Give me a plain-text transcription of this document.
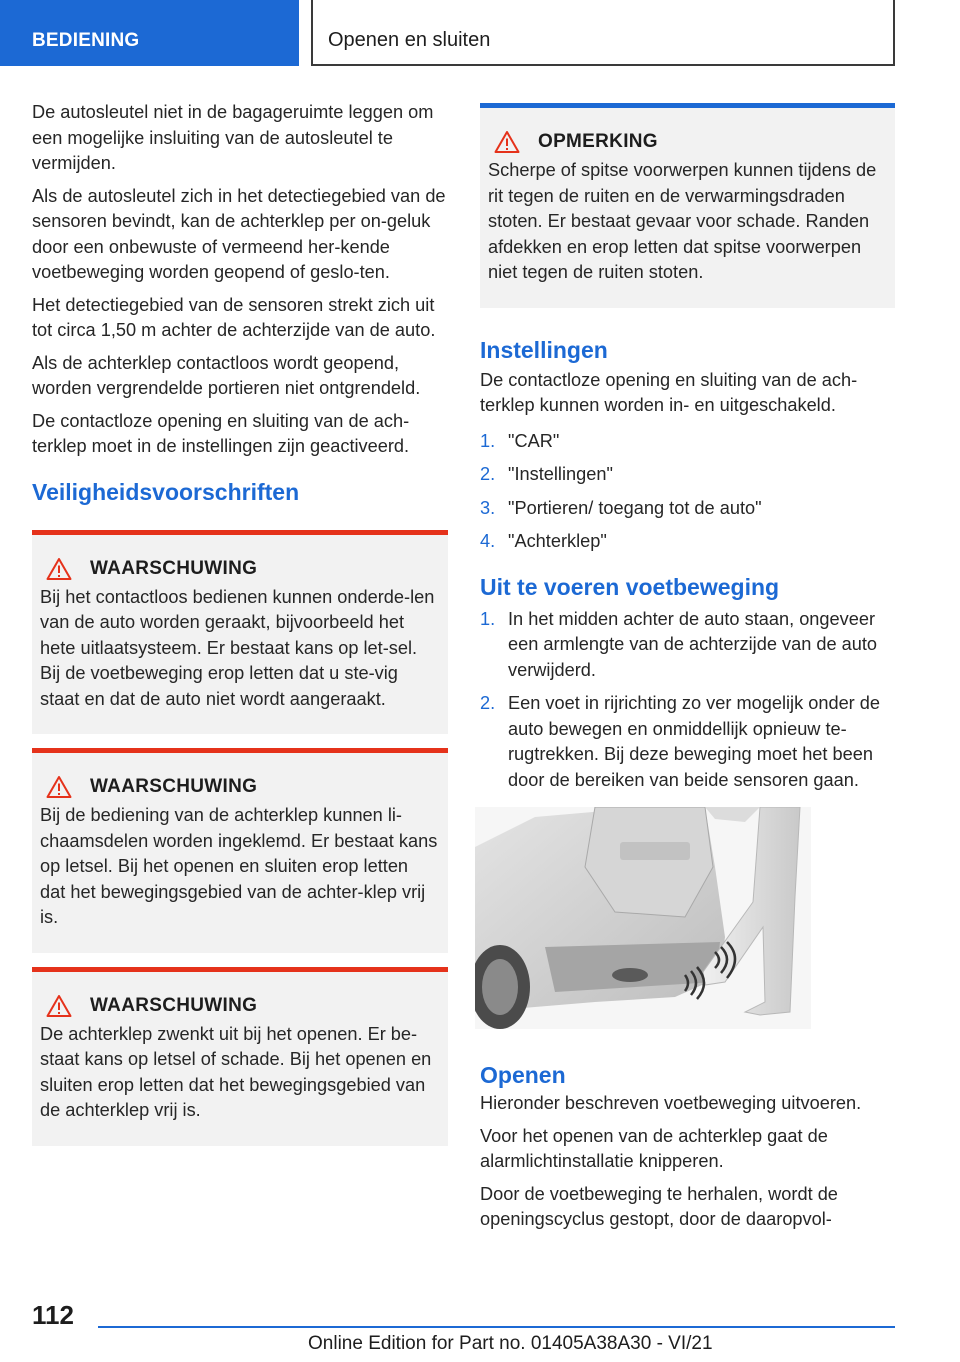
BEDIENING	Openen en sluiten

De autosleutel niet in de bagageruimte leggen om een mogelijke insluiting van de autosleutel te vermijden.

Als de autosleutel zich in het detectiegebied van de sensoren bevindt, kan de achterklep per on-geluk door een onbewuste of vermeend her-kende voetbeweging worden geopend of geslo-ten.

Het detectiegebied van de sensoren strekt zich uit tot circa 1,50 m achter de achterzijde van de auto.

Als de achterklep contactloos wordt geopend, worden vergrendelde portieren niet ontgrendeld.

De contactloze opening en sluiting van de ach-terklep moet in de instellingen zijn geactiveerd.

Veiligheidsvoorschriften
WAARSCHUWING
Bij het contactloos bedienen kunnen onderde-len van de auto worden geraakt, bijvoorbeeld het hete uitlaatsysteem. Er bestaat kans op let-sel. Bij de voetbeweging erop letten dat u ste-vig staat en dat de auto niet wordt aangeraakt.
WAARSCHUWING
Bij de bediening van de achterklep kunnen li-chaamsdelen worden ingeklemd. Er bestaat kans op letsel. Bij het openen en sluiten erop letten dat het bewegingsgebied van de achter-klep vrij is.
WAARSCHUWING
De achterklep zwenkt uit bij het openen. Er be-staat kans op letsel of schade. Bij het openen en sluiten erop letten dat het bewegingsgebied van de achterklep vrij is.
OPMERKING
Scherpe of spitse voorwerpen kunnen tijdens de rit tegen de ruiten en de verwarmingsdraden stoten. Er bestaat gevaar voor schade. Randen afdekken en erop letten dat spitse voorwerpen niet tegen de ruiten stoten.
Instellingen

De contactloze opening en sluiting van de ach-terklep kunnen worden in- en uitgeschakeld.

1. "CAR"
2. "Instellingen"
3. "Portieren/ toegang tot de auto"
4. "Achterklep"
Uit te voeren voetbeweging
1. In het midden achter de auto staan, ongeveer een armlengte van de achterzijde van de auto verwijderd.
2. Een voet in rijrichting zo ver mogelijk onder de auto bewegen en onmiddellijk opnieuw te-rugtrekken. Bij deze beweging moet het been door de bereiken van beide sensoren gaan.
Openen

Hieronder beschreven voetbeweging uitvoeren.

Voor het openen van de achterklep gaat de alarmlichtinstallatie knipperen.

Door de voetbeweging te herhalen, wordt de openingscyclus gestopt, door de daaropvol-

112
Online Edition for Part no. 01405A38A30 - VI/21
